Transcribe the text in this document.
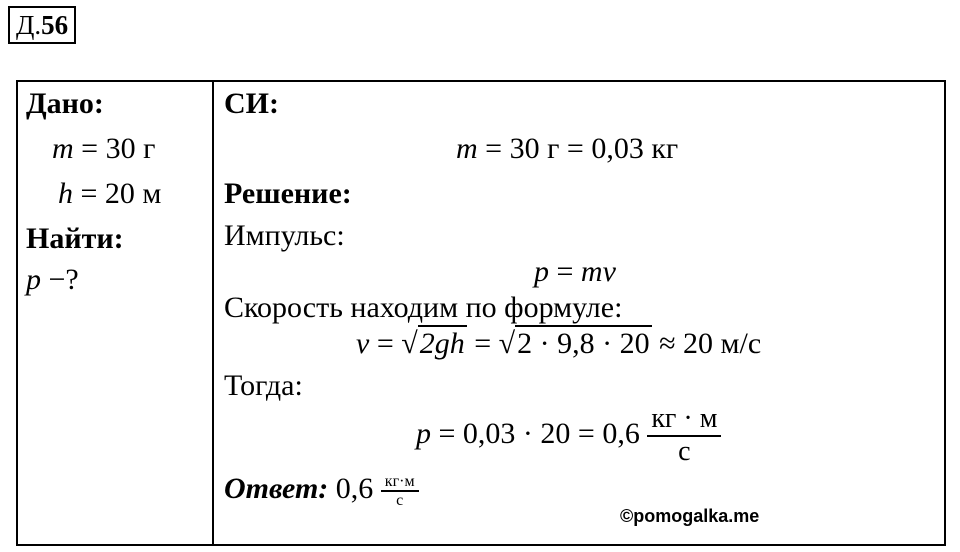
Д.56
Дано:
m = 30 г
h = 20 м
Найти:
p −?
СИ:
m = 30 г = 0,03 кг
Решение:
Импульс:
p = mv
Скорость находим по формуле:
v = √2gh = √2 · 9,8 · 20 ≈ 20 м/с
Тогда:
$p = 0,03 \cdot 20 = 0,6 \frac{кг \cdot м}{с}$
Ответ: $0,6 \frac{кг\cdot м}{с}$
©pomogalka.me
